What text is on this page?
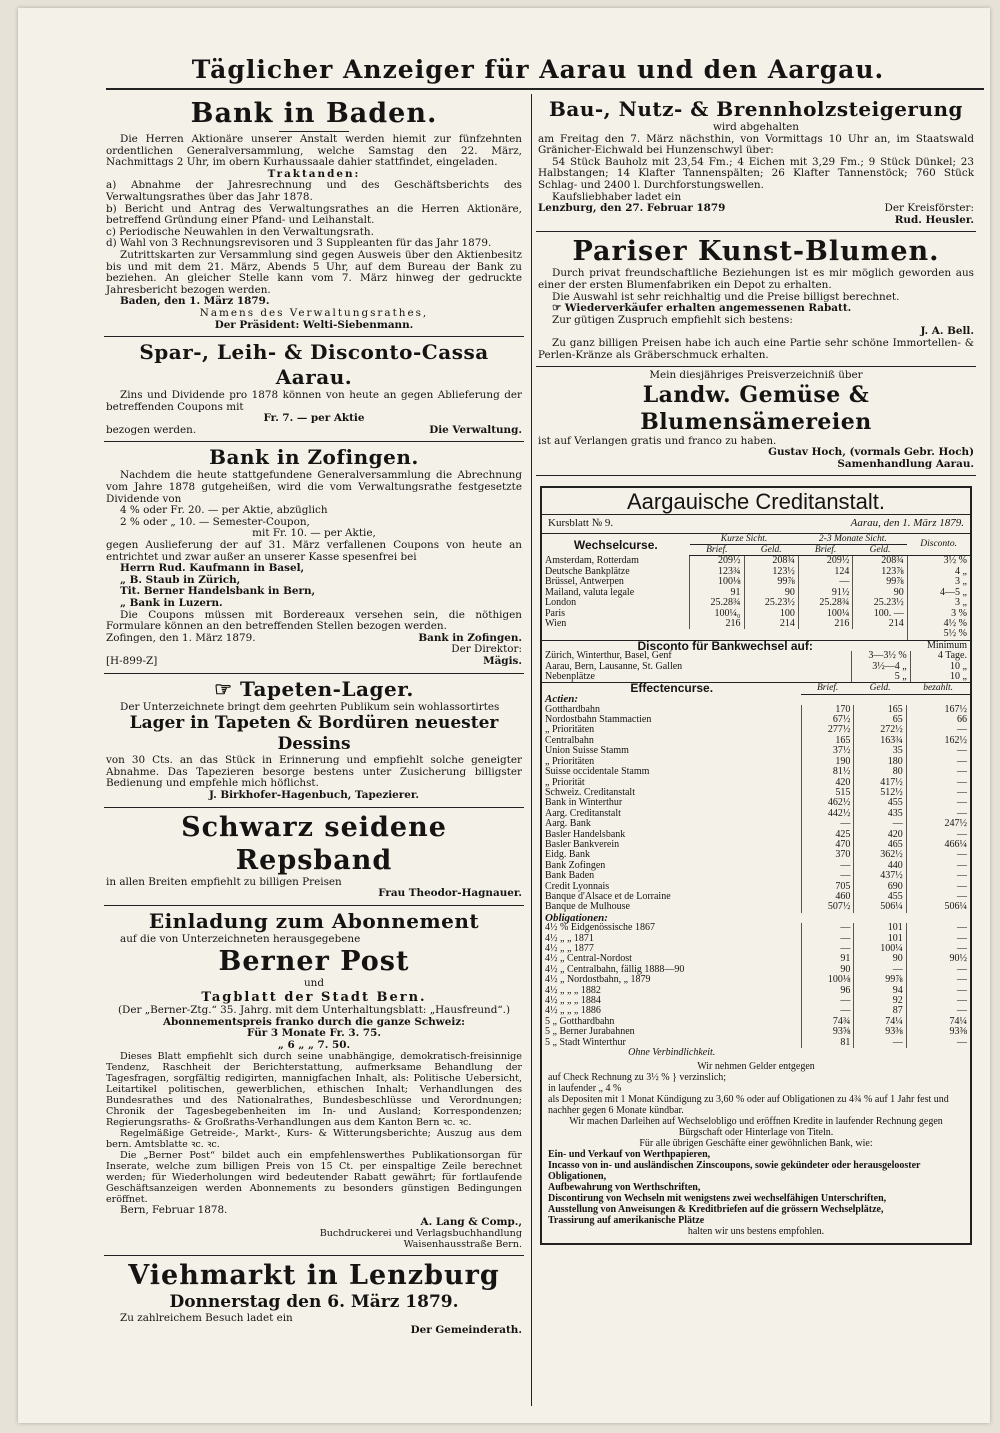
Täglicher Anzeiger für Aarau und den Aargau.
Bank in Baden.

Die Herren Aktionäre unserer Anstalt werden hiemit zur fünfzehnten ordentlichen Generalversammlung, welche Samstag den 22. März, Nachmittags 2 Uhr, im obern Kurhaussaale dahier stattfindet, eingeladen.

Traktanden:

a) Abnahme der Jahresrechnung und des Geschäftsberichts des Verwaltungsrathes über das Jahr 1878.

b) Bericht und Antrag des Verwaltungsrathes an die Herren Aktionäre, betreffend Gründung einer Pfand- und Leihanstalt.

c) Periodische Neuwahlen in den Verwaltungsrath.

d) Wahl von 3 Rechnungsrevisoren und 3 Suppleanten für das Jahr 1879.

Zutrittskarten zur Versammlung sind gegen Ausweis über den Aktienbesitz bis und mit dem 21. März, Abends 5 Uhr, auf dem Bureau der Bank zu beziehen. An gleicher Stelle kann vom 7. März hinweg der gedruckte Jahresbericht bezogen werden.

Baden, den 1. März 1879.

Namens des Verwaltungsrathes,

Der Präsident: Welti-Siebenmann.

Spar-, Leih- & Disconto-Cassa Aarau.

Zins und Dividende pro 1878 können von heute an gegen Ablieferung der betreffenden Coupons mit

Fr. 7. — per Aktie

bezogen werden.	Die Verwaltung.
Bank in Zofingen.

Nachdem die heute stattgefundene Generalversammlung die Abrechnung vom Jahre 1878 gutgeheißen, wird die vom Verwaltungsrathe festgesetzte Dividende von

4 % oder Fr. 20. — per Aktie, abzüglich

2 % oder „ 10. — Semester-Coupon,

mit Fr. 10. — per Aktie,

gegen Auslieferung der auf 31. März verfallenen Coupons von heute an entrichtet und zwar außer an unserer Kasse spesenfrei bei

Herrn Rud. Kaufmann in Basel,

„ B. Staub in Zürich,

Tit. Berner Handelsbank in Bern,

„ Bank in Luzern.

Die Coupons müssen mit Bordereaux versehen sein, die nöthigen Formulare können an den betreffenden Stellen bezogen werden.

Zofingen, den 1. März 1879.	Bank in Zofingen.

Der Direktor:

[H-899-Z]	Mägis.
☞ Tapeten-Lager.

Der Unterzeichnete bringt dem geehrten Publikum sein wohlassortirtes

Lager in Tapeten & Bordüren neuester Dessins

von 30 Cts. an das Stück in Erinnerung und empfiehlt solche geneigter Abnahme. Das Tapezieren besorge bestens unter Zusicherung billigster Bedienung und empfehle mich höflichst.

J. Birkhofer-Hagenbuch, Tapezierer.

Schwarz seidene Repsband

in allen Breiten empfiehlt zu billigen Preisen

Frau Theodor-Hagnauer.

Einladung zum Abonnement

auf die von Unterzeichneten herausgegebene

Berner Post

und

Tagblatt der Stadt Bern.

(Der „Berner-Ztg.“ 35. Jahrg. mit dem Unterhaltungsblatt: „Hausfreund“.)

Abonnementspreis franko durch die ganze Schweiz:

Für 3 Monate Fr. 3. 75.

„ 6 „ „ 7. 50.

Dieses Blatt empfiehlt sich durch seine unabhängige, demokratisch-freisinnige Tendenz, Raschheit der Berichterstattung, aufmerksame Behandlung der Tagesfragen, sorgfältig redigirten, mannigfachen Inhalt, als: Politische Uebersicht, Leitartikel politischen, gewerblichen, ethischen Inhalt; Verhandlungen des Bundesrathes und des Nationalrathes, Bundesbeschlüsse und Verordnungen; Chronik der Tagesbegebenheiten im In- und Ausland; Korrespondenzen; Regierungsraths- & Großraths-Verhandlungen aus dem Kanton Bern ꝛc. ꝛc.

Regelmäßige Getreide-, Markt-, Kurs- & Witterungsberichte; Auszug aus dem bern. Amtsblatte ꝛc. ꝛc.

Die „Berner Post“ bildet auch ein empfehlenswerthes Publikationsorgan für Inserate, welche zum billigen Preis von 15 Ct. per einspaltige Zeile berechnet werden; für Wiederholungen wird bedeutender Rabatt gewährt; für fortlaufende Geschäftsanzeigen werden Abonnements zu besonders günstigen Bedingungen eröffnet.

Bern, Februar 1878.

A. Lang & Comp.,

Buchdruckerei und Verlagsbuchhandlung

Waisenhausstraße Bern.

Viehmarkt in Lenzburg

Donnerstag den 6. März 1879.

Zu zahlreichem Besuch ladet ein

Der Gemeinderath.

Bau-, Nutz- & Brennholzsteigerung

wird abgehalten

am Freitag den 7. März nächsthin, von Vormittags 10 Uhr an, im Staatswald Gränicher-Eichwald bei Hunzenschwyl über:

54 Stück Bauholz mit 23,54 Fm.; 4 Eichen mit 3,29 Fm.; 9 Stück Dünkel; 23 Halbstangen; 14 Klafter Tannenspälten; 26 Klafter Tannenstöck; 760 Stück Schlag- und 2400 l. Durchforstungswellen.

Kaufsliebhaber ladet ein

Lenzburg, den 27. Februar 1879	Der Kreisförster:

Rud. Heusler.

Pariser Kunst-Blumen.

Durch privat freundschaftliche Beziehungen ist es mir möglich geworden aus einer der ersten Blumenfabriken ein Depot zu erhalten.

Die Auswahl ist sehr reichhaltig und die Preise billigst berechnet.

☞ Wiederverkäufer erhalten angemessenen Rabatt.

Zur gütigen Zuspruch empfiehlt sich bestens:

J. A. Bell.

Zu ganz billigen Preisen habe ich auch eine Partie sehr schöne Immortellen- & Perlen-Kränze als Gräberschmuck erhalten.

Mein diesjähriges Preisverzeichniß über

Landw. Gemüse & Blumensämereien

ist auf Verlangen gratis und franco zu haben.

Gustav Hoch, (vormals Gebr. Hoch)

Samenhandlung Aarau.

Aargauische Creditanstalt.
Kursblatt № 9.	Aarau, den 1. März 1879.
Wechselcurse.	Kurze Sicht.		2-3 Monate Sicht.		Disconto.
	Brief.	Geld.	Brief.	Geld.	
Amsterdam, Rotterdam	209½	208¾	209½	208¾	3½ %
Deutsche Bankplätze	123¾	123½	124	123⅞	4 „
Brüssel, Antwerpen	100⅛	99⅞	—	99⅞	3 „
Mailand, valuta legale	91	90	91½	90	4—5 „
London	25.28¾	25.23½	25.28¾	25.23½	3 „
Paris	100¼₀	100	100¼	100. —	3 %
Wien	216	214	216	214	4½ %
					5½ %
Disconto für Bankwechsel auf:		Minimum
Zürich, Winterthur, Basel, Genf	3—3½ %	4 Tage.
Aarau, Bern, Lausanne, St. Gallen	3½—4 „	10 „
Nebenplätze	5 „	10 „
Effectencurse.	Brief.	Geld.	bezahlt.
Actien:			
Gotthardbahn	170	165	167½
Nordostbahn Stammactien	67½	65	66
„ Prioritäten	277½	272½	—
Centralbahn	165	163¾	162½
Union Suisse Stamm	37½	35	—
„ Prioritäten	190	180	—
Suisse occidentale Stamm	81½	80	—
„ Priorität	420	417½	—
Schweiz. Creditanstalt	515	512½	—
Bank in Winterthur	462½	455	—
Aarg. Creditanstalt	442½	435	—
Aarg. Bank	—	—	247½
Basler Handelsbank	425	420	—
Basler Bankverein	470	465	466¼
Eidg. Bank	370	362½	—
Bank Zofingen	—	440	—
Bank Baden	—	437½	—
Credit Lyonnais	705	690	—
Banque d'Alsace et de Lorraine	460	455	—
Banque de Mulhouse	507½	506¼	506¼
Obligationen:			
4½ % Eidgenössische 1867	—	101	—
4½ „ „ 1871	—	101	—
4½ „ „ 1877	—	100¼	—
4½ „ Central-Nordost	91	90	90½
4½ „ Centralbahn, fällig 1888—90	90	—	—
4½ „ Nordostbahn, „ 1879	100⅛	99⅞	—
4½ „ „ „ 1882	96	94	—
4½ „ „ „ 1884	—	92	—
4½ „ „ „ 1886	—	87	—
5 „ Gotthardbahn	74¾	74¼	74¼
5 „ Berner Jurabahnen	93⅝	93⅜	93⅜
5 „ Stadt Winterthur	81	—	—
Ohne Verbindlichkeit.			

Wir nehmen Gelder entgegen

auf Check Rechnung zu 3½ % } verzinslich;

in laufender „ 4 %

als Depositen mit 1 Monat Kündigung zu 3,60 % oder auf Obligationen zu 4¾ % auf 1 Jahr fest und nachher gegen 6 Monate kündbar.

Wir machen Darleihen auf Wechselobligo und eröffnen Kredite in laufender Rechnung gegen Bürgschaft oder Hinterlage von Titeln.

Für alle übrigen Geschäfte einer gewöhnlichen Bank, wie:

Ein- und Verkauf von Werthpapieren,

Incasso von in- und ausländischen Zinscoupons, sowie gekündeter oder herausgelooster Obligationen,

Aufbewahrung von Werthschriften,

Discontirung von Wechseln mit wenigstens zwei wechselfähigen Unterschriften,

Ausstellung von Anweisungen & Kreditbriefen auf die grössern Wechselplätze,

Trassirung auf amerikanische Plätze

halten wir uns bestens empfohlen.
